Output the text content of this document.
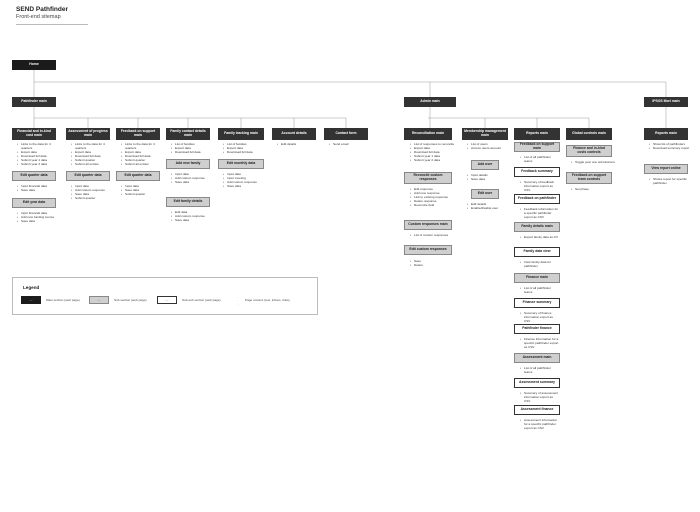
SEND Pathfinder
Front-end sitemap
Home
Pathfinder main	Admin main	IPSOS Mori main
Financial and in-kind cost main
• Links to the data for 4 quarters
• Export data
• Download full data
• Submit year 1 data
• Submit year 2 data
Edit quarter data
• Input financial data
• Save data
Edit year data
• Input financial data
• Add new funding source
• Save data
Assessment of progress main
• Links to the data for 4 quarters
• Export data
• Download full data
• Submit quarter
• Submit all entries
Edit quarter data
• Input data
• Add custom response
• Save data
• Submit quarter
Feedback on support main
• Links to the data for 4 quarters
• Export data
• Download full data
• Submit quarter
• Submit all entries
Edit quarter data
• Input data
• Save data
• Submit quarter
Family contact details main
• List of families
• Export data
• Download full data
Add new family
• Input data
• Add custom response
• Save data
Edit family details
• Edit data
• Add custom response
• Save data
Family tracking main
• List of families
• Export data
• Download full data
Edit monthly data
• Input data
• Input meeting
• Add custom response
• Save data
Account details
• Edit details
Contact form
• Send email
Reconciliation main
• List of responses to reconcile
• Export data
• Download full data
• Submit year 1 data
• Submit year 2 data
Reconcile custom responses
• Edit response
• Add new response
• Link to existing response
• Delete response
• Reconcile field
Custom responses main
• List of custom responses
Edit custom responses
• Save
• Delete
Membership management main
• List of users
• Access users account
Add user
• Input details
• Save data
Edit user
• Edit details
• Enable/disable user
Reports main
Feedback on support main
• List of all pathfinder teams
Feedback summary
• Summary of feedback information export as CSV
Feedback on pathfinder
• Feedback information for a specific pathfinder export as CSV
Family details main
• Export family data as CV
Family data view
• View family data for pathfinder
Finance main
• List of all pathfinder teams
Finance summary
• Summary of finance information export as CSV
Pathfinder finance
• Finance information for a specific pathfinder export as CSV
Assessment main
• List of all pathfinder teams
Assessment summary
• Summary of assessment information export as CSV
Assessment finance
• Assessment information for a specific pathfinder export as CSV
Global controls main
Finance and in-kind costs controls
• Toggle year one submissions
Feedback on support team controls
• Set phase
Reports main
• Show list of pathfinders
• Download summary report
View report online
• Shows report for specific pathfinder
Legend
...	Main section (web page)	...	Sub section (web page)	...	Sub-sub section (web page)
·
·
·
Page content (text, inlines, links)
